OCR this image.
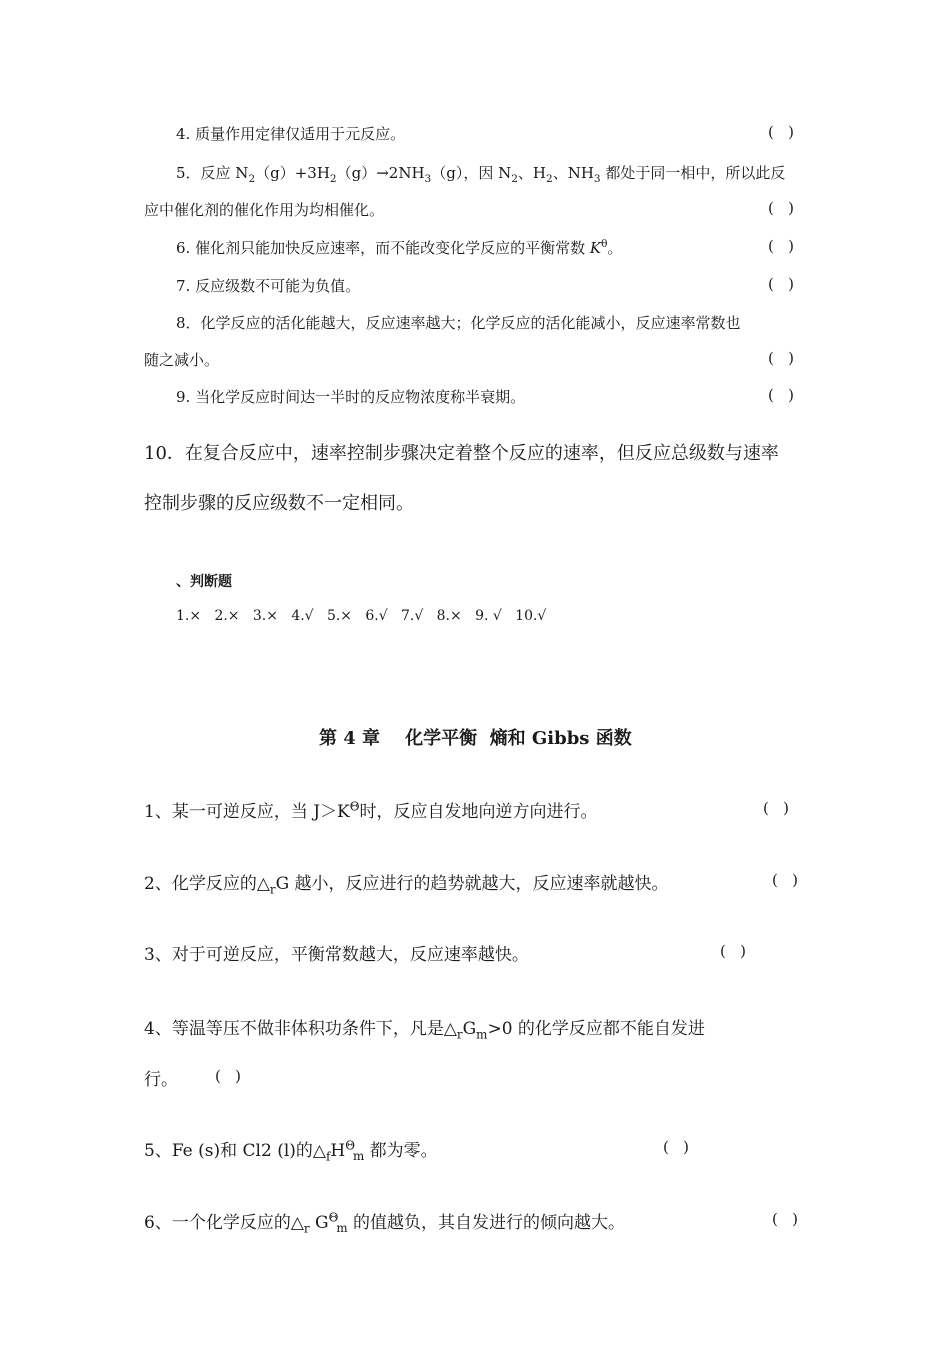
4. 质量作用定律仅适用于元反应。	(   )
5．反应 $N_2(g)+3H_2(g)\to 2NH_3(g)$，因 $N_2$、$H_2$、$NH_3$ 都处于同一相中，所以此反
应中催化剂的催化作用为均相催化。	(   )
6. 催化剂只能加快反应速率，而不能改变化学反应的平衡常数 $K^\theta$。	(   )
7. 反应级数不可能为负值。	(   )
8．化学反应的活化能越大，反应速率越大；化学反应的活化能减小，反应速率常数也
随之减小。	(   )
9. 当化学反应时间达一半时的反应物浓度称半衰期。	(   )
10．在复合反应中，速率控制步骤决定着整个反应的速率，但反应总级数与速率
控制步骤的反应级数不一定相同。
、判断题
1.×   2.×   3.×   4.√   5.×   6.√   7.√   8.×   9. √   10.√
第 4 章    化学平衡  熵和 Gibbs 函数
1、某一可逆反应，当 $J>K^\Theta$时，反应自发地向逆方向进行。	(   )
2、化学反应的$\triangle_rG$ 越小，反应进行的趋势就越大，反应速率就越快。	(   )
3、对于可逆反应，平衡常数越大，反应速率越快。	(   )
4、等温等压不做非体积功条件下，凡是$\triangle_rG_m>0$ 的化学反应都不能自发进
行。 (   )
5、Fe (s)和 Cl2 (l)的$\triangle_fH^\Theta_m$ 都为零。	(   )
6、一个化学反应的$\triangle_r$ $G^\Theta_m$ 的值越负，其自发进行的倾向越大。	(   )
